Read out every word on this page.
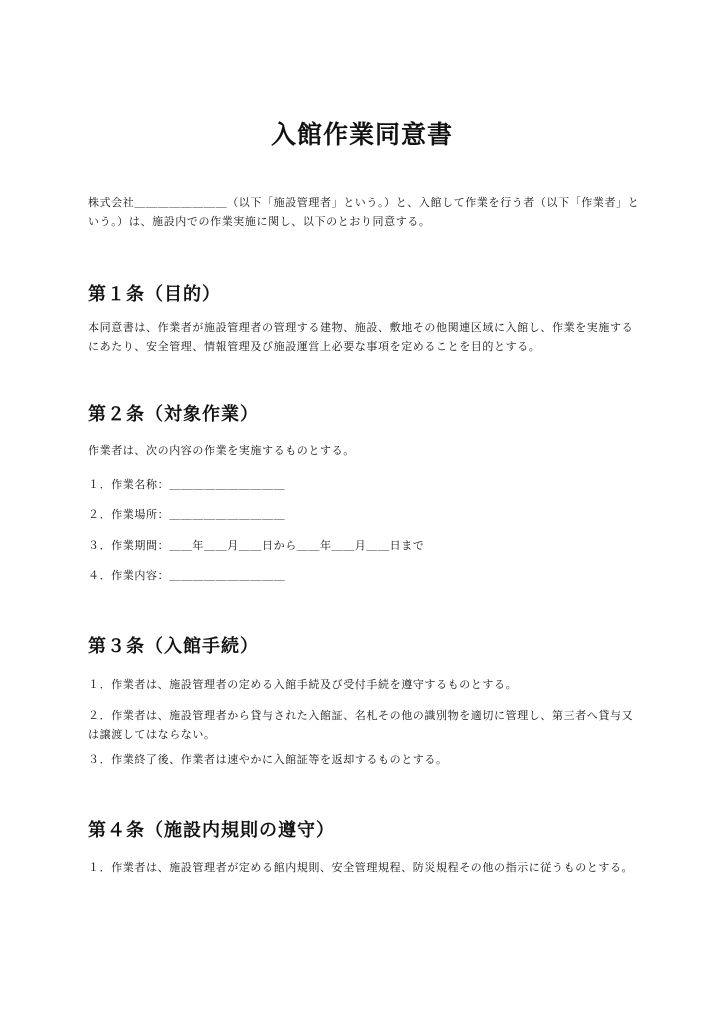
入館作業同意書

株式会社＿＿＿＿＿＿＿＿（以下「施設管理者」という。）と、入館して作業を行う者（以下「作業者」という。）は、施設内での作業実施に関し、以下のとおり同意する。

第１条（目的）

本同意書は、作業者が施設管理者の管理する建物、施設、敷地その他関連区域に入館し、作業を実施するにあたり、安全管理、情報管理及び施設運営上必要な事項を定めることを目的とする。

第２条（対象作業）

作業者は、次の内容の作業を実施するものとする。

１．作業名称：＿＿＿＿＿＿＿＿＿＿

２．作業場所：＿＿＿＿＿＿＿＿＿＿

３．作業期間：＿＿年＿＿月＿＿日から＿＿年＿＿月＿＿日まで

４．作業内容：＿＿＿＿＿＿＿＿＿＿

第３条（入館手続）

１．作業者は、施設管理者の定める入館手続及び受付手続を遵守するものとする。

２．作業者は、施設管理者から貸与された入館証、名札その他の識別物を適切に管理し、第三者へ貸与又は譲渡してはならない。

３．作業終了後、作業者は速やかに入館証等を返却するものとする。

第４条（施設内規則の遵守）

１．作業者は、施設管理者が定める館内規則、安全管理規程、防災規程その他の指示に従うものとする。
